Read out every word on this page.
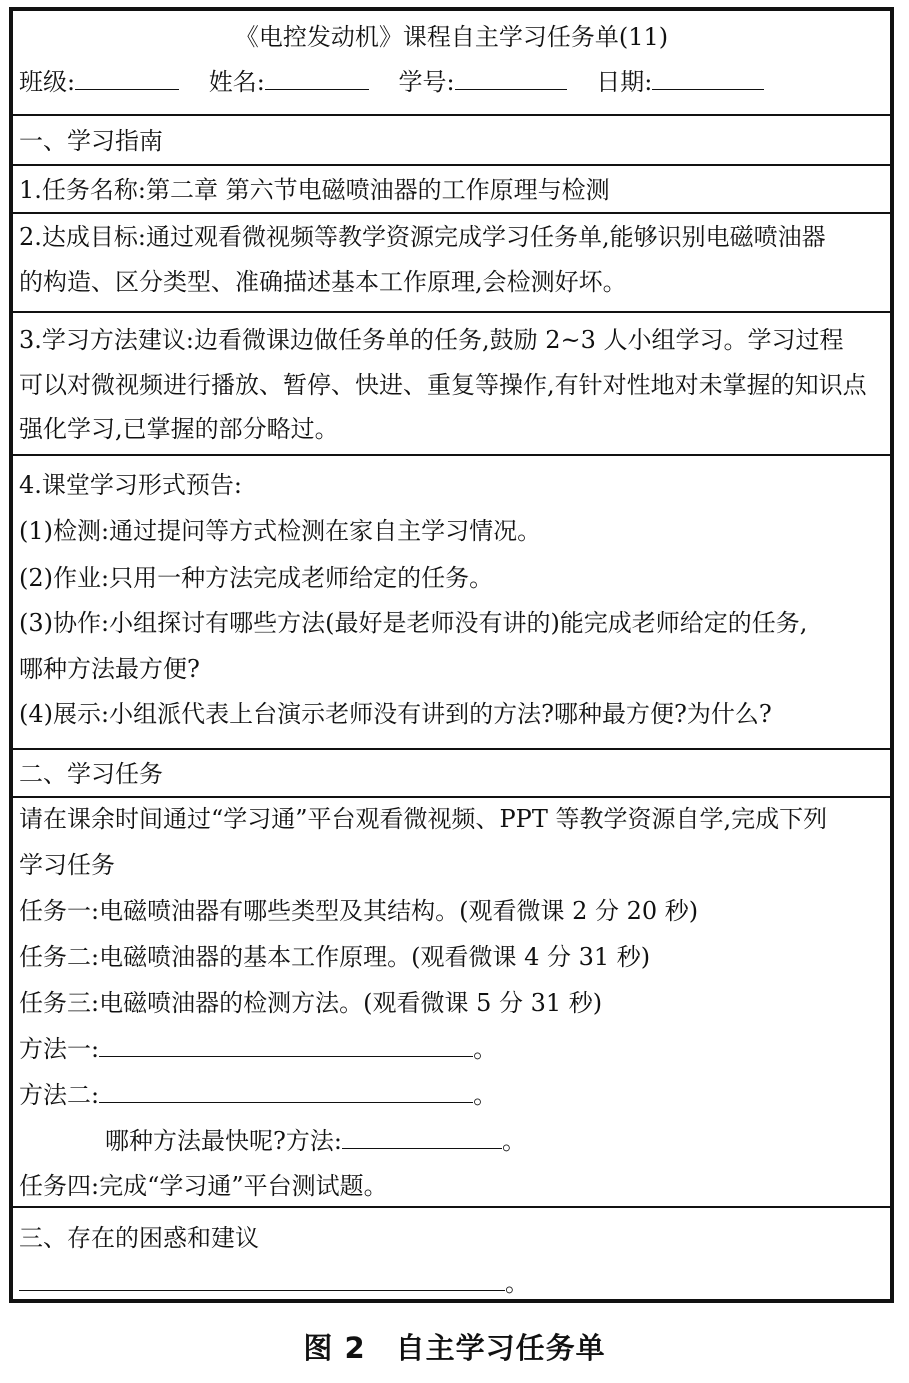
《电控发动机》课程自主学习任务单(11)
班级:	姓名:	学号:	日期:
一、学习指南
1.任务名称:第二章 第六节电磁喷油器的工作原理与检测
2.达成目标:通过观看微视频等教学资源完成学习任务单,能够识别电磁喷油器
的构造、区分类型、准确描述基本工作原理,会检测好坏。
3.学习方法建议:边看微课边做任务单的任务,鼓励 2~3 人小组学习。学习过程
可以对微视频进行播放、暂停、快进、重复等操作,有针对性地对未掌握的知识点
强化学习,已掌握的部分略过。
4.课堂学习形式预告:
(1)检测:通过提问等方式检测在家自主学习情况。
(2)作业:只用一种方法完成老师给定的任务。
(3)协作:小组探讨有哪些方法(最好是老师没有讲的)能完成老师给定的任务,
哪种方法最方便?
(4)展示:小组派代表上台演示老师没有讲到的方法?哪种最方便?为什么?
二、学习任务
请在课余时间通过“学习通”平台观看微视频、PPT 等教学资源自学,完成下列
学习任务
任务一:电磁喷油器有哪些类型及其结构。(观看微课 2 分 20 秒)
任务二:电磁喷油器的基本工作原理。(观看微课 4 分 31 秒)
任务三:电磁喷油器的检测方法。(观看微课 5 分 31 秒)
方法一:	。
方法二:	。
哪种方法最快呢?方法:	。
任务四:完成“学习通”平台测试题。
三、存在的困惑和建议
。
图 2　自主学习任务单
